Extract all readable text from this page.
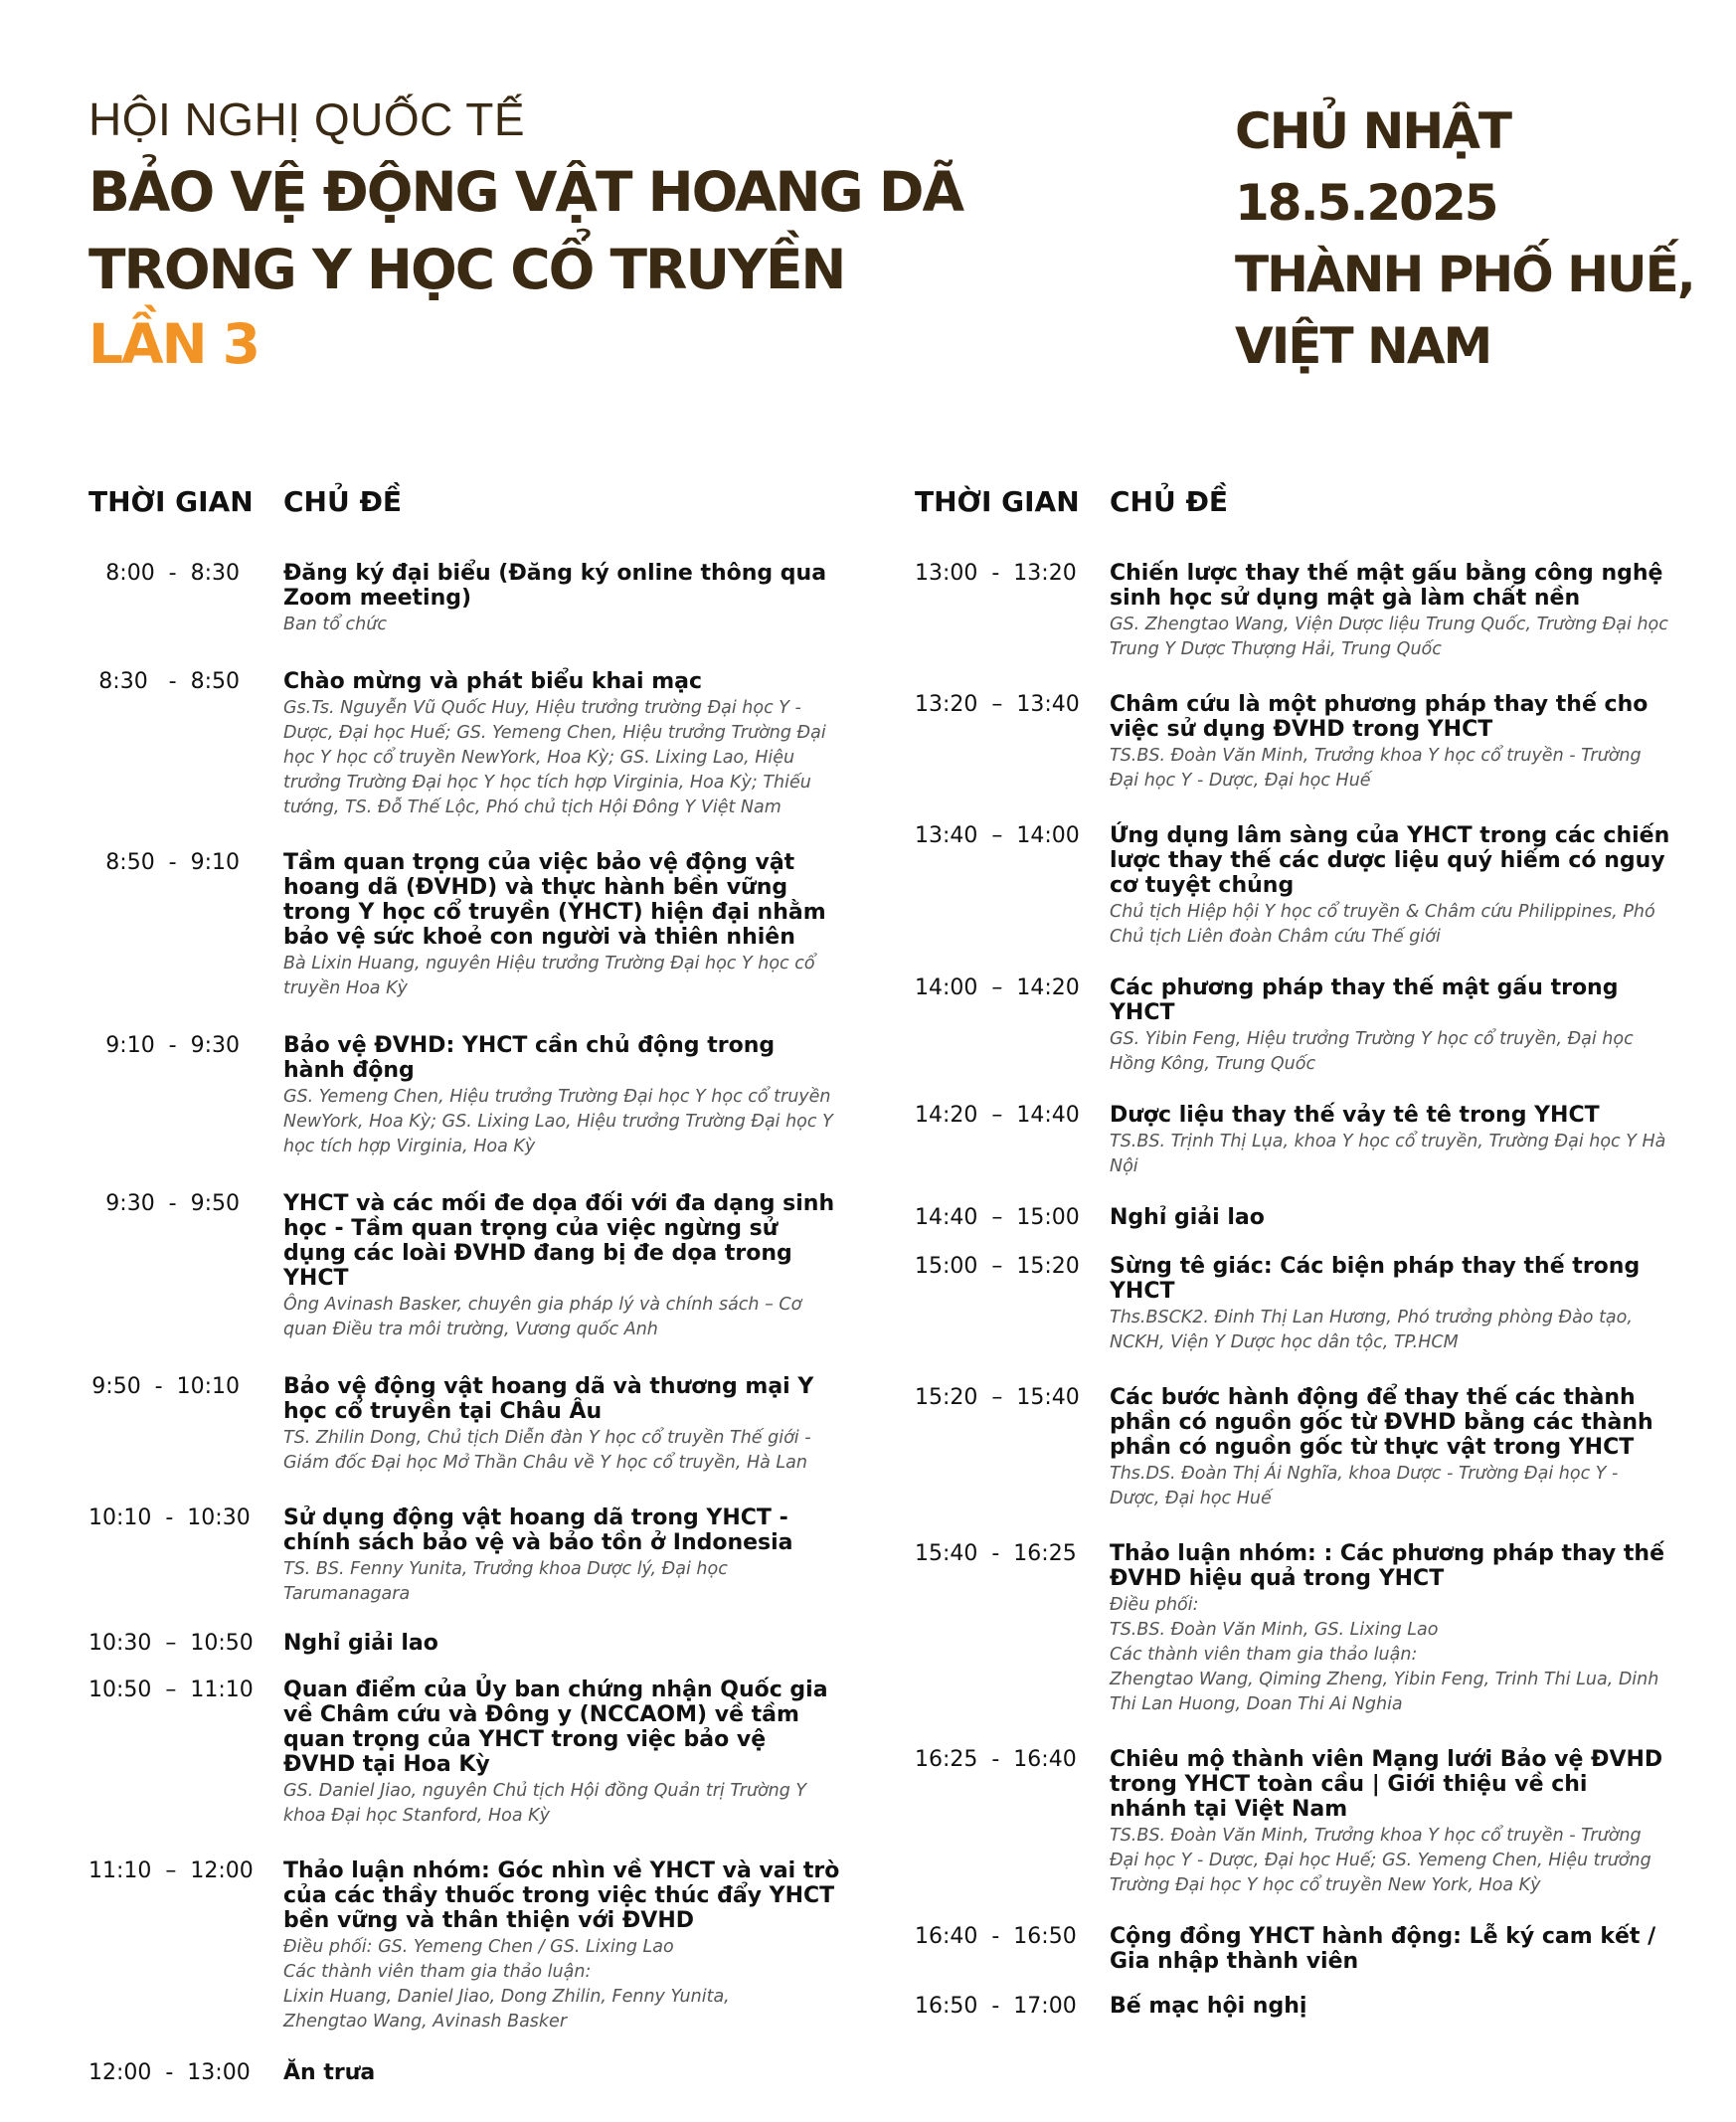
HỘI NGHỊ QUỐC TẾ
BẢO VỆ ĐỘNG VẬT HOANG DÃ
TRONG Y HỌC CỔ TRUYỀN
LẦN 3
CHỦ NHẬT
18.5.2025
THÀNH PHỐ HUẾ,
VIỆT NAM
THỜI GIAN	CHỦ ĐỀ
8:00  -  8:30 Đăng ký đại biểu (Đăng ký online thông qua Zoom meeting)
Ban tổ chức
8:30   -  8:50 Chào mừng và phát biểu khai mạc
Gs.Ts. Nguyễn Vũ Quốc Huy, Hiệu trưởng trường Đại học Y - Dược, Đại học Huế; GS. Yemeng Chen, Hiệu trưởng Trường Đại học Y học cổ truyền NewYork, Hoa Kỳ; GS. Lixing Lao, Hiệu trưởng Trường Đại học Y học tích hợp Virginia, Hoa Kỳ; Thiếu tướng, TS. Đỗ Thế Lộc, Phó chủ tịch Hội Đông Y Việt Nam
8:50  -  9:10 Tầm quan trọng của việc bảo vệ động vật hoang dã (ĐVHD) và thực hành bền vững trong Y học cổ truyền (YHCT) hiện đại nhằm bảo vệ sức khoẻ con người và thiên nhiên
Bà Lixin Huang, nguyên Hiệu trưởng Trường Đại học Y học cổ truyền Hoa Kỳ
9:10  -  9:30 Bảo vệ ĐVHD: YHCT cần chủ động trong hành động
GS. Yemeng Chen, Hiệu trưởng Trường Đại học Y học cổ truyền NewYork, Hoa Kỳ; GS. Lixing Lao, Hiệu trưởng Trường Đại học Y học tích hợp Virginia, Hoa Kỳ
9:30  -  9:50 YHCT và các mối đe dọa đối với đa dạng sinh học - Tầm quan trọng của việc ngừng sử dụng các loài ĐVHD đang bị đe dọa trong YHCT
Ông Avinash Basker, chuyên gia pháp lý và chính sách – Cơ quan Điều tra môi trường, Vương quốc Anh
9:50  -  10:10 Bảo vệ động vật hoang dã và thương mại Y học cổ truyền tại Châu Âu
TS. Zhilin Dong, Chủ tịch Diễn đàn Y học cổ truyền Thế giới - Giám đốc Đại học Mở Thần Châu về Y học cổ truyền, Hà Lan
10:10  -  10:30 Sử dụng động vật hoang dã trong YHCT - chính sách bảo vệ và bảo tồn ở Indonesia
TS. BS. Fenny Yunita, Trưởng khoa Dược lý, Đại học Tarumanagara
10:30  –  10:50 Nghỉ giải lao
10:50  –  11:10 Quan điểm của Ủy ban chứng nhận Quốc gia về Châm cứu và Đông y (NCCAOM) về tầm quan trọng của YHCT trong việc bảo vệ ĐVHD tại Hoa Kỳ
GS. Daniel Jiao, nguyên Chủ tịch Hội đồng Quản trị Trường Y khoa Đại học Stanford, Hoa Kỳ
11:10  –  12:00 Thảo luận nhóm: Góc nhìn về YHCT và vai trò của các thầy thuốc trong việc thúc đẩy YHCT bền vững và thân thiện với ĐVHD
Điều phối: GS. Yemeng Chen / GS. Lixing Lao
Các thành viên tham gia thảo luận:
Lixin Huang, Daniel Jiao, Dong Zhilin, Fenny Yunita,
Zhengtao Wang, Avinash Basker
12:00  -  13:00 Ăn trưa
THỜI GIAN	CHỦ ĐỀ
13:00  -  13:20 Chiến lược thay thế mật gấu bằng công nghệ sinh học sử dụng mật gà làm chất nền
GS. Zhengtao Wang, Viện Dược liệu Trung Quốc, Trường Đại học Trung Y Dược Thượng Hải, Trung Quốc
13:20  –  13:40 Châm cứu là một phương pháp thay thế cho việc sử dụng ĐVHD trong YHCT
TS.BS. Đoàn Văn Minh, Trưởng khoa Y học cổ truyền - Trường Đại học Y - Dược, Đại học Huế
13:40  –  14:00 Ứng dụng lâm sàng của YHCT trong các chiến lược thay thế các dược liệu quý hiếm có nguy cơ tuyệt chủng
Chủ tịch Hiệp hội Y học cổ truyền & Châm cứu Philippines, Phó Chủ tịch Liên đoàn Châm cứu Thế giới
14:00  –  14:20 Các phương pháp thay thế mật gấu trong YHCT
GS. Yibin Feng, Hiệu trưởng Trường Y học cổ truyền, Đại học Hồng Kông, Trung Quốc
14:20  –  14:40 Dược liệu thay thế vảy tê tê trong YHCT
TS.BS. Trịnh Thị Lụa, khoa Y học cổ truyền, Trường Đại học Y Hà Nội
14:40  –  15:00 Nghỉ giải lao
15:00  –  15:20 Sừng tê giác: Các biện pháp thay thế trong YHCT
Ths.BSCK2. Đinh Thị Lan Hương, Phó trưởng phòng Đào tạo, NCKH, Viện Y Dược học dân tộc, TP.HCM
15:20  –  15:40 Các bước hành động để thay thế các thành phần có nguồn gốc từ ĐVHD bằng các thành phần có nguồn gốc từ thực vật trong YHCT
Ths.DS. Đoàn Thị Ái Nghĩa, khoa Dược - Trường Đại học Y - Dược, Đại học Huế
15:40  -  16:25 Thảo luận nhóm: : Các phương pháp thay thế ĐVHD hiệu quả trong YHCT
Điều phối:
TS.BS. Đoàn Văn Minh, GS. Lixing Lao
Các thành viên tham gia thảo luận:
Zhengtao Wang, Qiming Zheng, Yibin Feng, Trinh Thi Lua, Dinh Thi Lan Huong, Doan Thi Ai Nghia
16:25  -  16:40 Chiêu mộ thành viên Mạng lưới Bảo vệ ĐVHD trong YHCT toàn cầu | Giới thiệu về chi nhánh tại Việt Nam
TS.BS. Đoàn Văn Minh, Trưởng khoa Y học cổ truyền - Trường Đại học Y - Dược, Đại học Huế; GS. Yemeng Chen, Hiệu trưởng Trường Đại học Y học cổ truyền New York, Hoa Kỳ
16:40  -  16:50 Cộng đồng YHCT hành động: Lễ ký cam kết / Gia nhập thành viên
16:50  -  17:00 Bế mạc hội nghị
